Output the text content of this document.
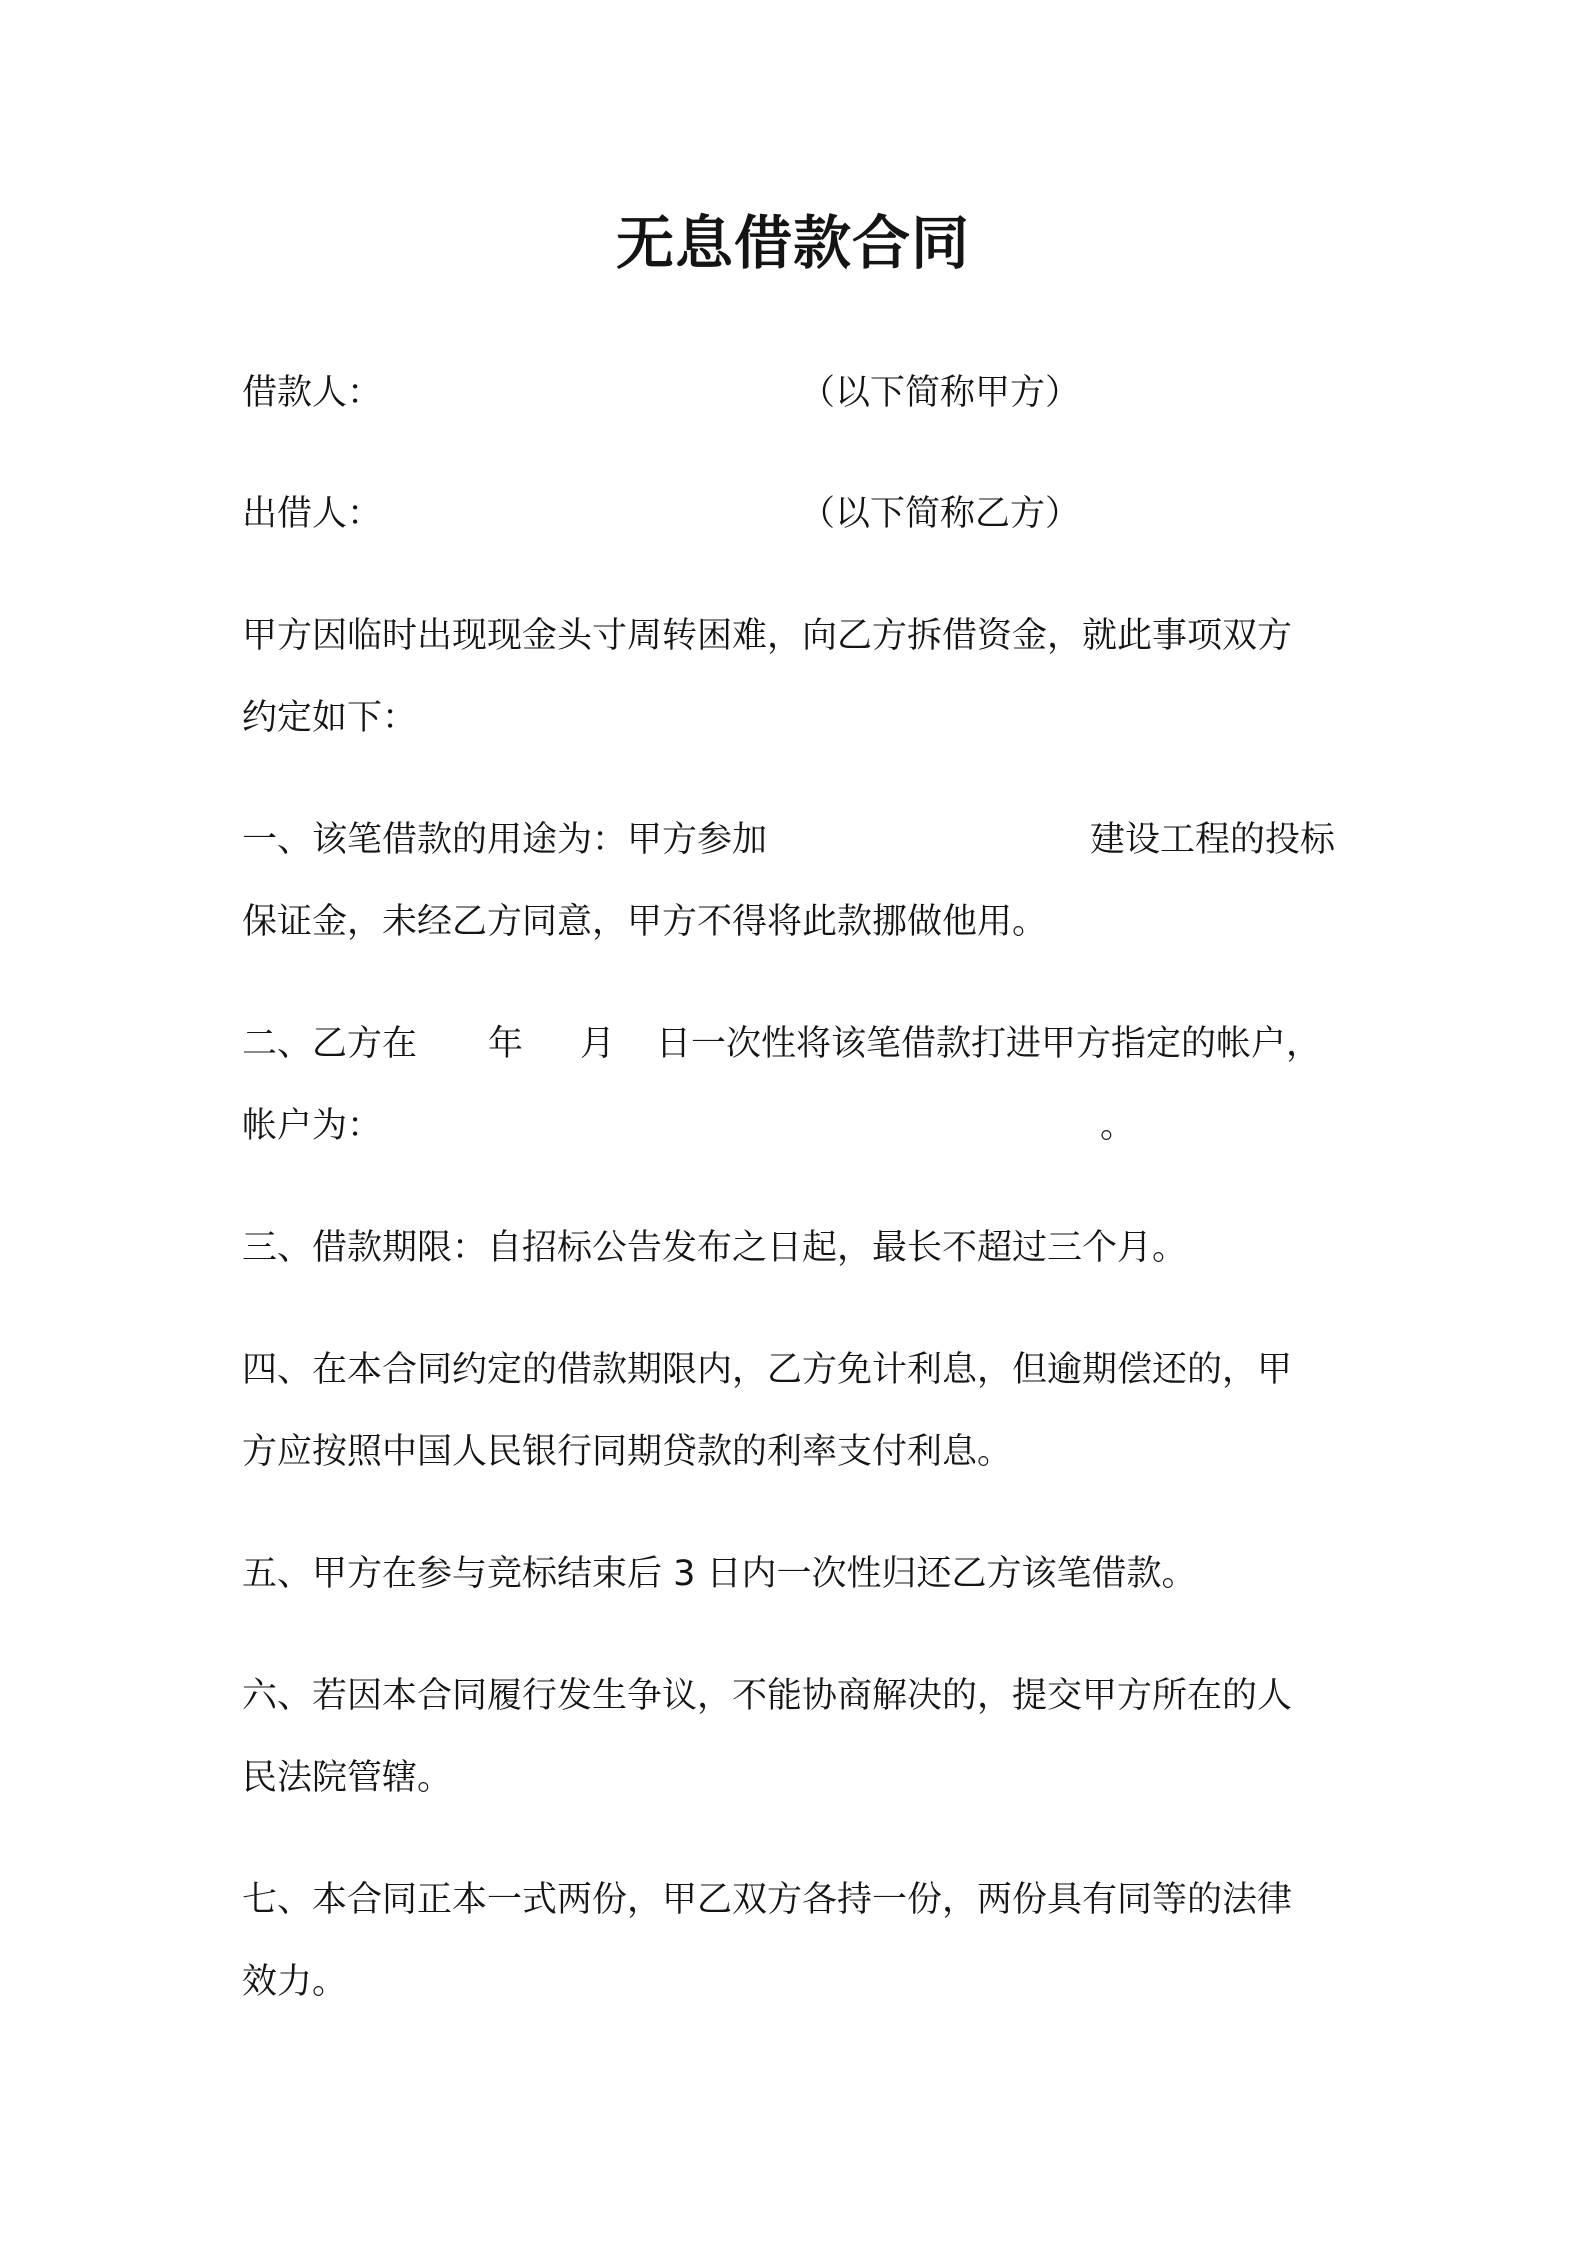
无息借款合同
借款人：	（以下简称甲方）
出借人：	（以下简称乙方）
甲方因临时出现现金头寸周转困难，向乙方拆借资金，就此事项双方
约定如下：
一、该笔借款的用途为：甲方参加	建设工程的投标
保证金，未经乙方同意，甲方不得将此款挪做他用。
二、乙方在 年 月 日一次性将该笔借款打进甲方指定的帐户，
帐户为：	。
三、借款期限：自招标公告发布之日起，最长不超过三个月。
四、在本合同约定的借款期限内，乙方免计利息，但逾期偿还的，甲
方应按照中国人民银行同期贷款的利率支付利息。
五、甲方在参与竞标结束后 3 日内一次性归还乙方该笔借款。
六、若因本合同履行发生争议，不能协商解决的，提交甲方所在的人
民法院管辖。
七、本合同正本一式两份，甲乙双方各持一份，两份具有同等的法律
效力。
